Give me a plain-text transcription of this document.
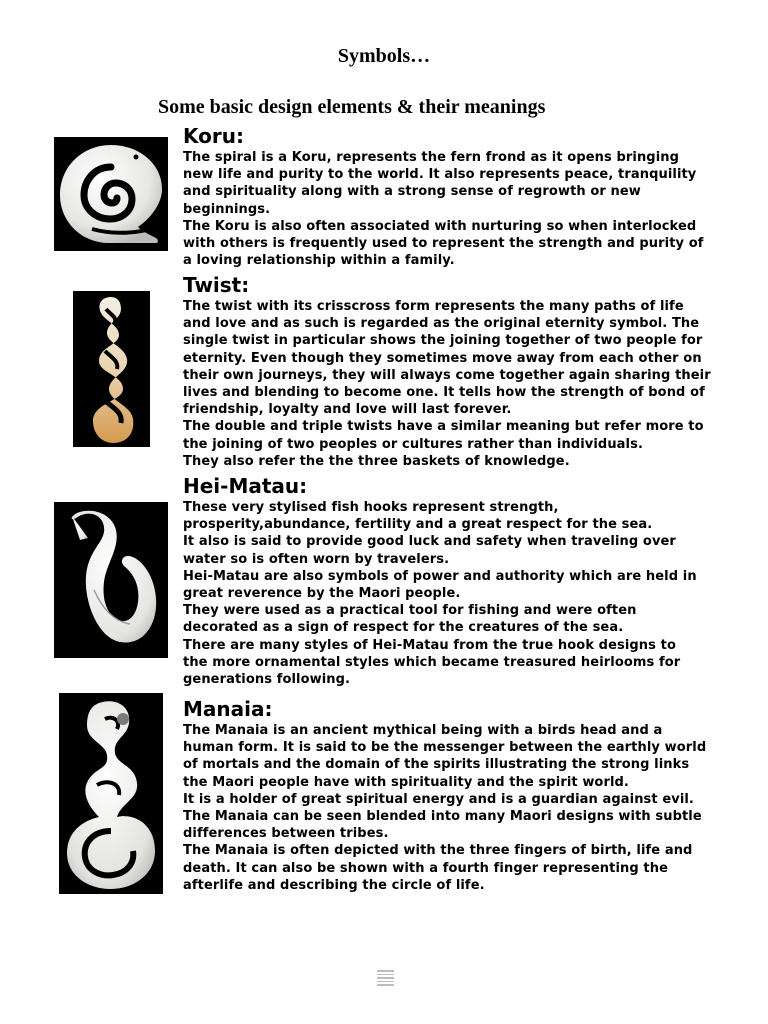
Symbols…
Some basic design elements & their meanings
Koru:

The spiral is a Koru, represents the fern frond as it opens bringing
new life and purity to the world. It also represents peace, tranquility
and spirituality along with a strong sense of regrowth or new
beginnings.

The Koru is also often associated with nurturing so when interlocked
with others is frequently used to represent the strength and purity of
a loving relationship within a family.

Twist:

The twist with its crisscross form represents the many paths of life
and love and as such is regarded as the original eternity symbol. The
single twist in particular shows the joining together of two people for
eternity. Even though they sometimes move away from each other on
their own journeys, they will always come together again sharing their
lives and blending to become one. It tells how the strength of bond of
friendship, loyalty and love will last forever.

The double and triple twists have a similar meaning but refer more to
the joining of two peoples or cultures rather than individuals.

They also refer the the three baskets of knowledge.

Hei-Matau:

These very stylised fish hooks represent strength,
prosperity,abundance, fertility and a great respect for the sea.

It also is said to provide good luck and safety when traveling over
water so is often worn by travelers.

Hei-Matau are also symbols of power and authority which are held in
great reverence by the Maori people.

They were used as a practical tool for fishing and were often
decorated as a sign of respect for the creatures of the sea.

There are many styles of Hei-Matau from the true hook designs to
the more ornamental styles which became treasured heirlooms for
generations following.

Manaia:

The Manaia is an ancient mythical being with a birds head and a
human form. It is said to be the messenger between the earthly world
of mortals and the domain of the spirits illustrating the strong links
the Maori people have with spirituality and the spirit world.

It is a holder of great spiritual energy and is a guardian against evil.

The Manaia can be seen blended into many Maori designs with subtle
differences between tribes.

The Manaia is often depicted with the three fingers of birth, life and
death. It can also be shown with a fourth finger representing the
afterlife and describing the circle of life.
